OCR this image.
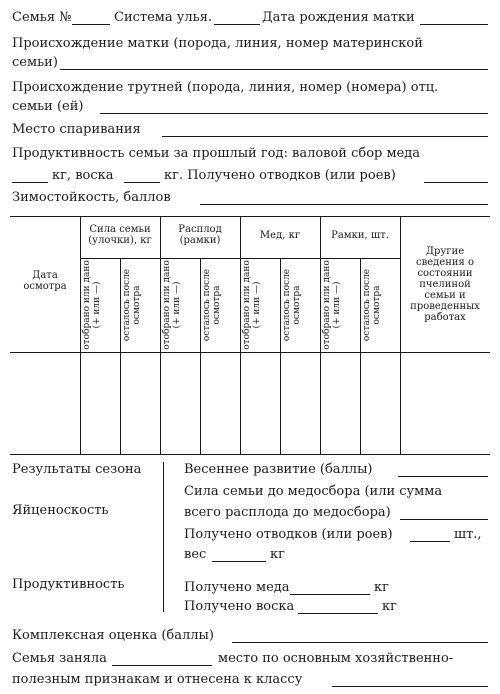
Семья №	Система улья.	Дата рождения матки
Происхождение матки (порода, линия, номер материнской
семьи)
Происхождение трутней (порода, линия, номер (номера) отц.
семьи (ей)
Место спаривания
Продуктивность семьи за прошлый год: валовой сбор меда
кг, воска	кг. Получено отводков (или роев)
Зимостойкость, баллов
Дата осмотра
Сила семьи (улочки), кг
Расплод (рамки)	Мед, кг	Рамки, шт.
Другие сведения о состоянии пчелиной семьи и проведенных работах
отобрано или дано (+ или —)	осталось после осмотра	отобрано или дано (+ или —)	осталось после осмотра	отобрано или дано (+ или —)	осталось после осмотра	отобрано или дано (+ или —)	осталось после осмотра
Результаты сезона	Весеннее развитие (баллы)
Сила семьи до медосбора (или сумма
всего расплода до медосбора)
Яйценоскость
Получено отводков (или роев)	шт.,
вес	кг
Продуктивность	Получено меда	кг
Получено воска	кг
Комплексная оценка (баллы)
Семья заняла	место по основным хозяйственно-
полезным признакам и отнесена к классу
